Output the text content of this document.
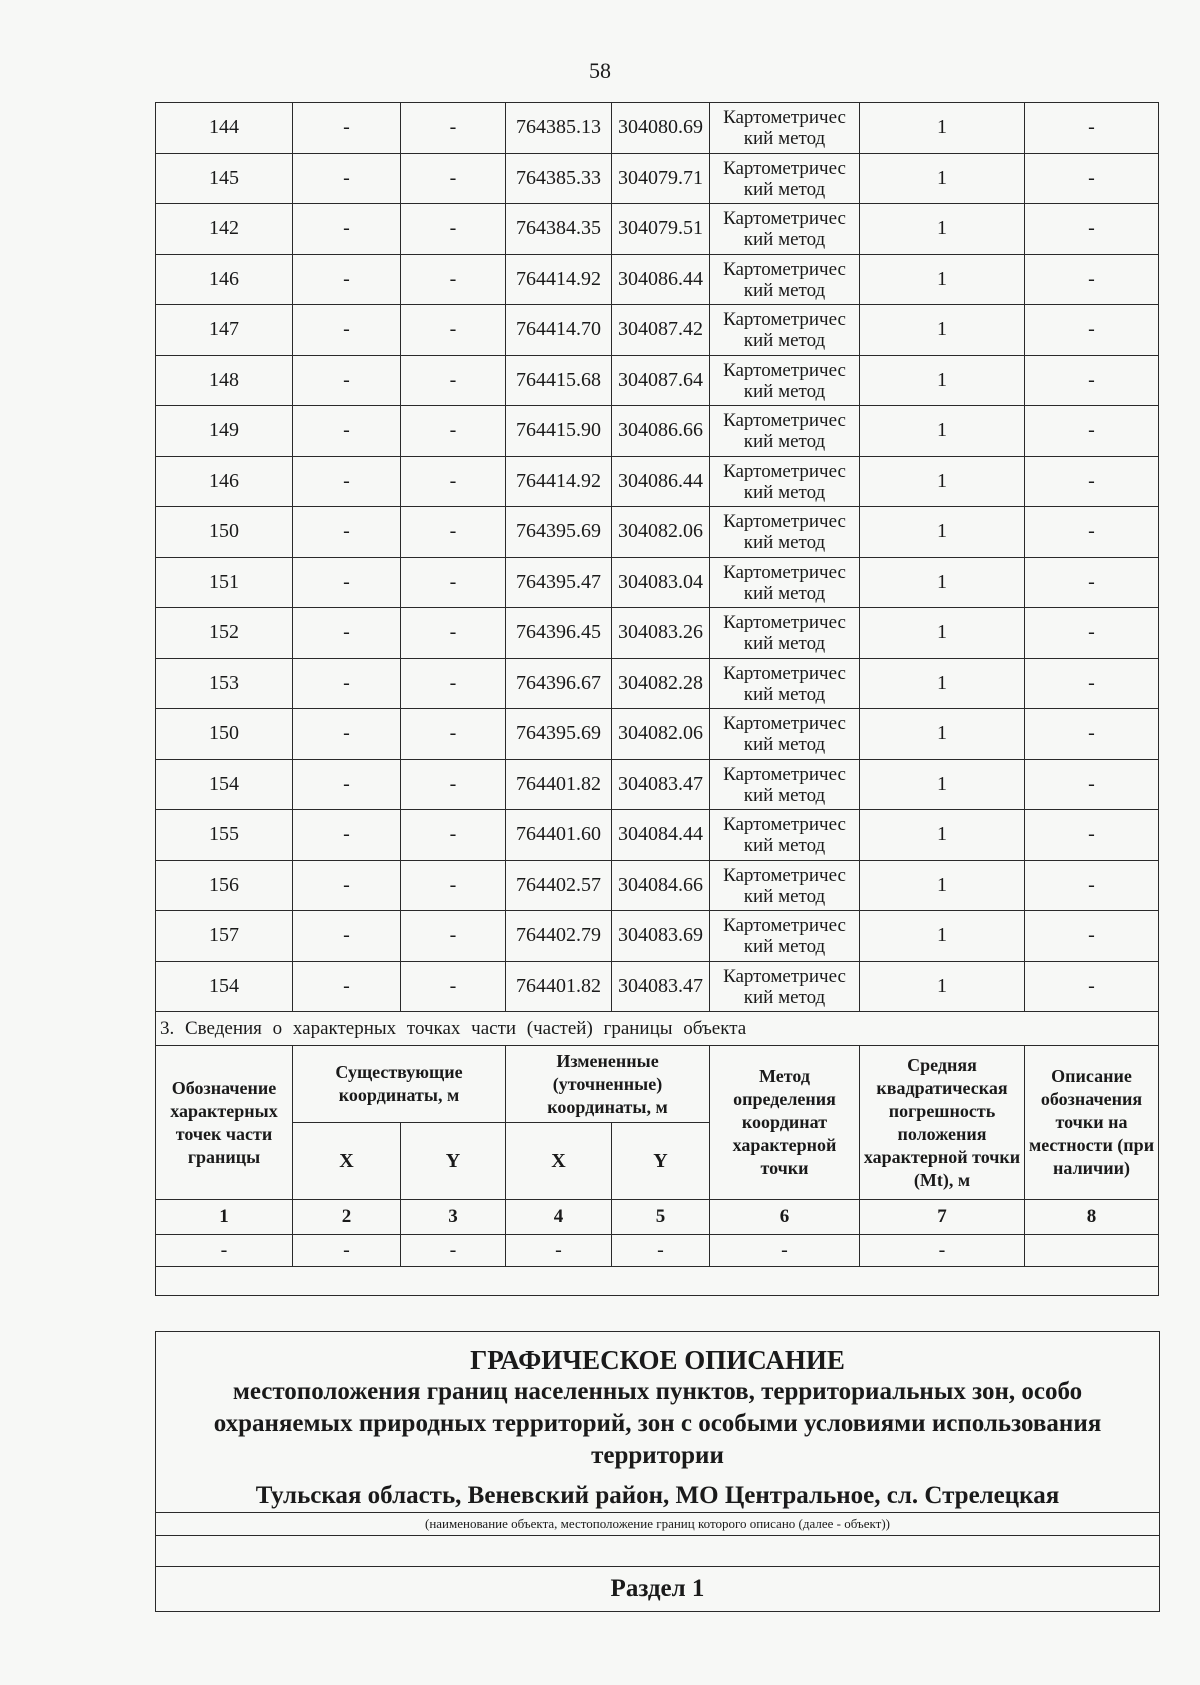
58
144	-	-	764385.13	304080.69	Картометричес кий метод	1	-
145	-	-	764385.33	304079.71	Картометричес кий метод	1	-
142	-	-	764384.35	304079.51	Картометричес кий метод	1	-
146	-	-	764414.92	304086.44	Картометричес кий метод	1	-
147	-	-	764414.70	304087.42	Картометричес кий метод	1	-
148	-	-	764415.68	304087.64	Картометричес кий метод	1	-
149	-	-	764415.90	304086.66	Картометричес кий метод	1	-
146	-	-	764414.92	304086.44	Картометричес кий метод	1	-
150	-	-	764395.69	304082.06	Картометричес кий метод	1	-
151	-	-	764395.47	304083.04	Картометричес кий метод	1	-
152	-	-	764396.45	304083.26	Картометричес кий метод	1	-
153	-	-	764396.67	304082.28	Картометричес кий метод	1	-
150	-	-	764395.69	304082.06	Картометричес кий метод	1	-
154	-	-	764401.82	304083.47	Картометричес кий метод	1	-
155	-	-	764401.60	304084.44	Картометричес кий метод	1	-
156	-	-	764402.57	304084.66	Картометричес кий метод	1	-
157	-	-	764402.79	304083.69	Картометричес кий метод	1	-
154	-	-	764401.82	304083.47	Картометричес кий метод	1	-
3. Сведения о характерных точках части (частей) границы объекта							
Обозначение характерных точек части границы	Существующие координаты, м		Измененные (уточненные) координаты, м		Метод определения координат характерной точки	Средняя квадратическая погрешность положения характерной точки (Mt), м	Описание обозначения точки на местности (при наличии)
	X	Y	X	Y			
1	2	3	4	5	6	7	8
-	-	-	-	-	-	-	

ГРАФИЧЕСКОЕ ОПИСАНИЕ
местоположения границ населенных пунктов, территориальных зон, особо охраняемых природных территорий, зон с особыми условиями использования территории
Тульская область, Веневский район, МО Центральное, сл. Стрелецкая
(наименование объекта, местоположение границ которого описано (далее - объект))
Раздел 1
